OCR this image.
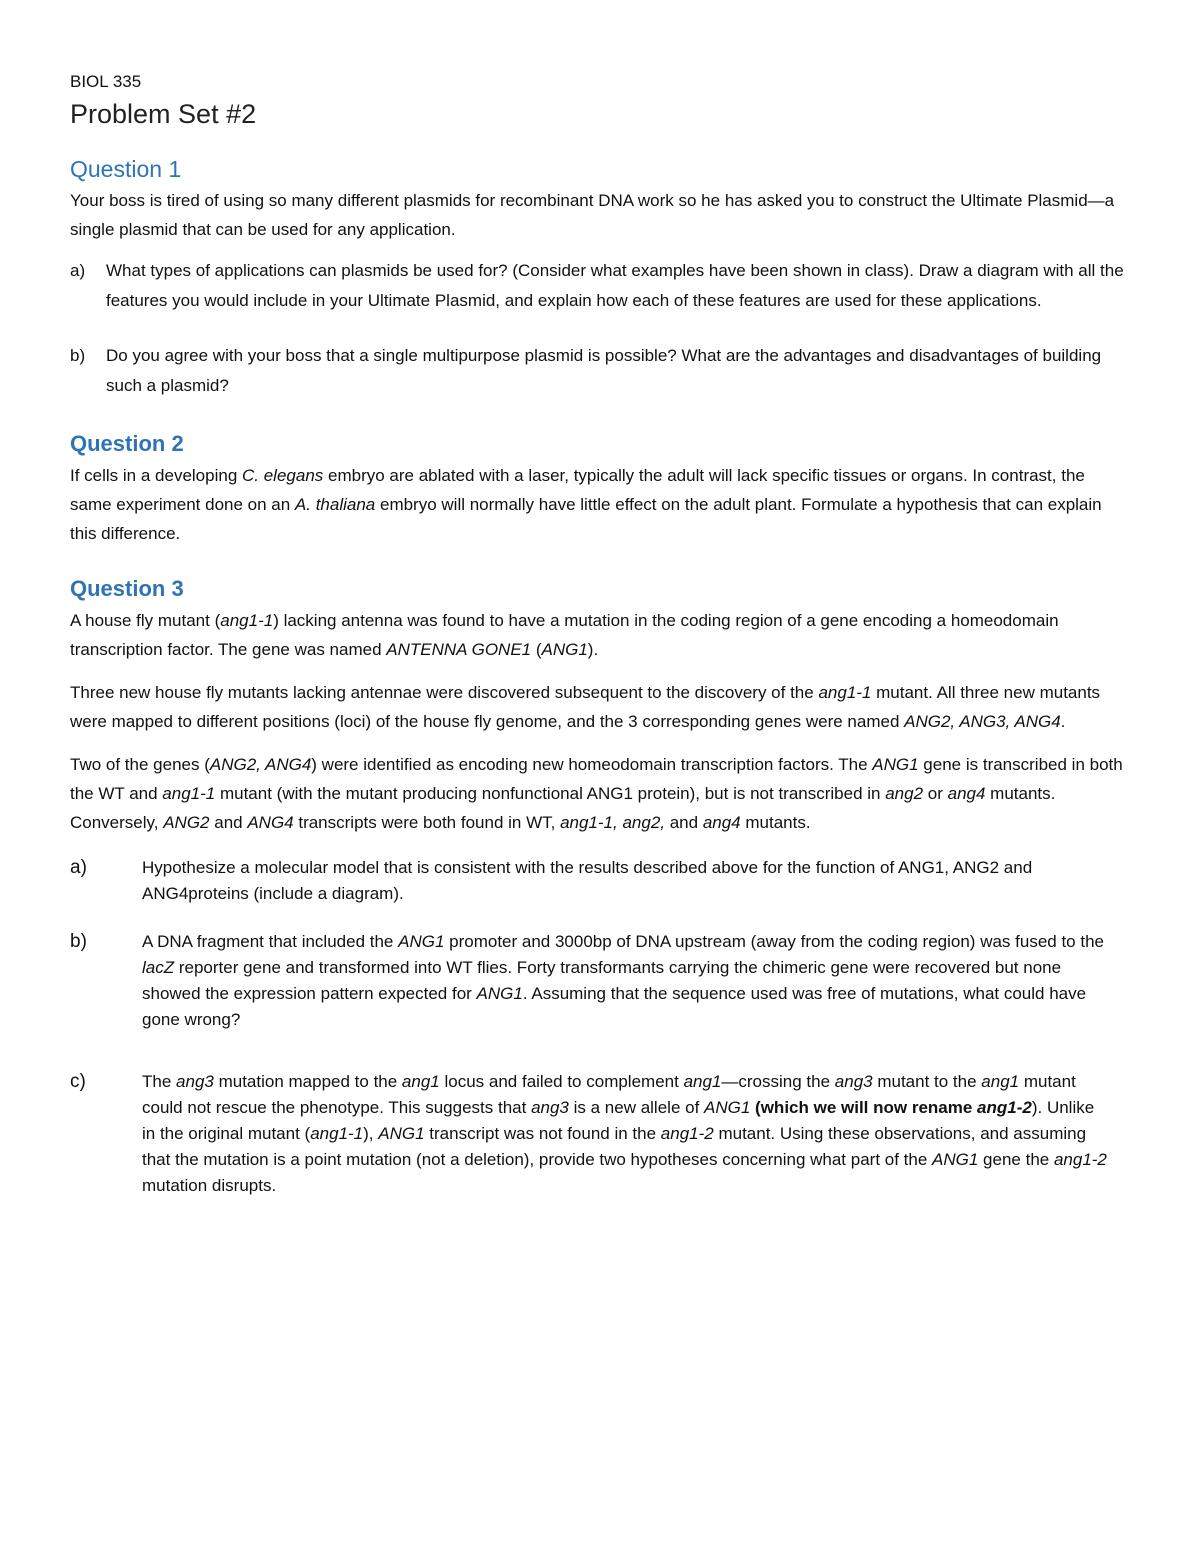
BIOL 335
Problem Set #2
Question 1

Your boss is tired of using so many different plasmids for recombinant DNA work so he has asked you to construct the Ultimate Plasmid—a single plasmid that can be used for any application.

a)	What types of applications can plasmids be used for? (Consider what examples have been shown in class). Draw a diagram with all the features you would include in your Ultimate Plasmid, and explain how each of these features are used for these applications.
b)	Do you agree with your boss that a single multipurpose plasmid is possible? What are the advantages and disadvantages of building such a plasmid?
Question 2

If cells in a developing C. elegans embryo are ablated with a laser, typically the adult will lack specific tissues or organs. In contrast, the same experiment done on an A. thaliana embryo will normally have little effect on the adult plant. Formulate a hypothesis that can explain this difference.

Question 3

A house fly mutant (ang1-1) lacking antenna was found to have a mutation in the coding region of a gene encoding a homeodomain transcription factor. The gene was named ANTENNA GONE1 (ANG1).

Three new house fly mutants lacking antennae were discovered subsequent to the discovery of the ang1-1 mutant. All three new mutants were mapped to different positions (loci) of the house fly genome, and the 3 corresponding genes were named ANG2, ANG3, ANG4.

Two of the genes (ANG2, ANG4) were identified as encoding new homeodomain transcription factors. The ANG1 gene is transcribed in both the WT and ang1-1 mutant (with the mutant producing nonfunctional ANG1 protein), but is not transcribed in ang2 or ang4 mutants. Conversely, ANG2 and ANG4 transcripts were both found in WT, ang1-1, ang2, and ang4 mutants.

a)	Hypothesize a molecular model that is consistent with the results described above for the function of ANG1, ANG2 and ANG4proteins (include a diagram).
b)	A DNA fragment that included the ANG1 promoter and 3000bp of DNA upstream (away from the coding region) was fused to the lacZ reporter gene and transformed into WT flies. Forty transformants carrying the chimeric gene were recovered but none showed the expression pattern expected for ANG1. Assuming that the sequence used was free of mutations, what could have gone wrong?
c)	The ang3 mutation mapped to the ang1 locus and failed to complement ang1—crossing the ang3 mutant to the ang1 mutant could not rescue the phenotype. This suggests that ang3 is a new allele of ANG1 (which we will now rename ang1-2). Unlike in the original mutant (ang1-1), ANG1 transcript was not found in the ang1-2 mutant. Using these observations, and assuming that the mutation is a point mutation (not a deletion), provide two hypotheses concerning what part of the ANG1 gene the ang1-2 mutation disrupts.
